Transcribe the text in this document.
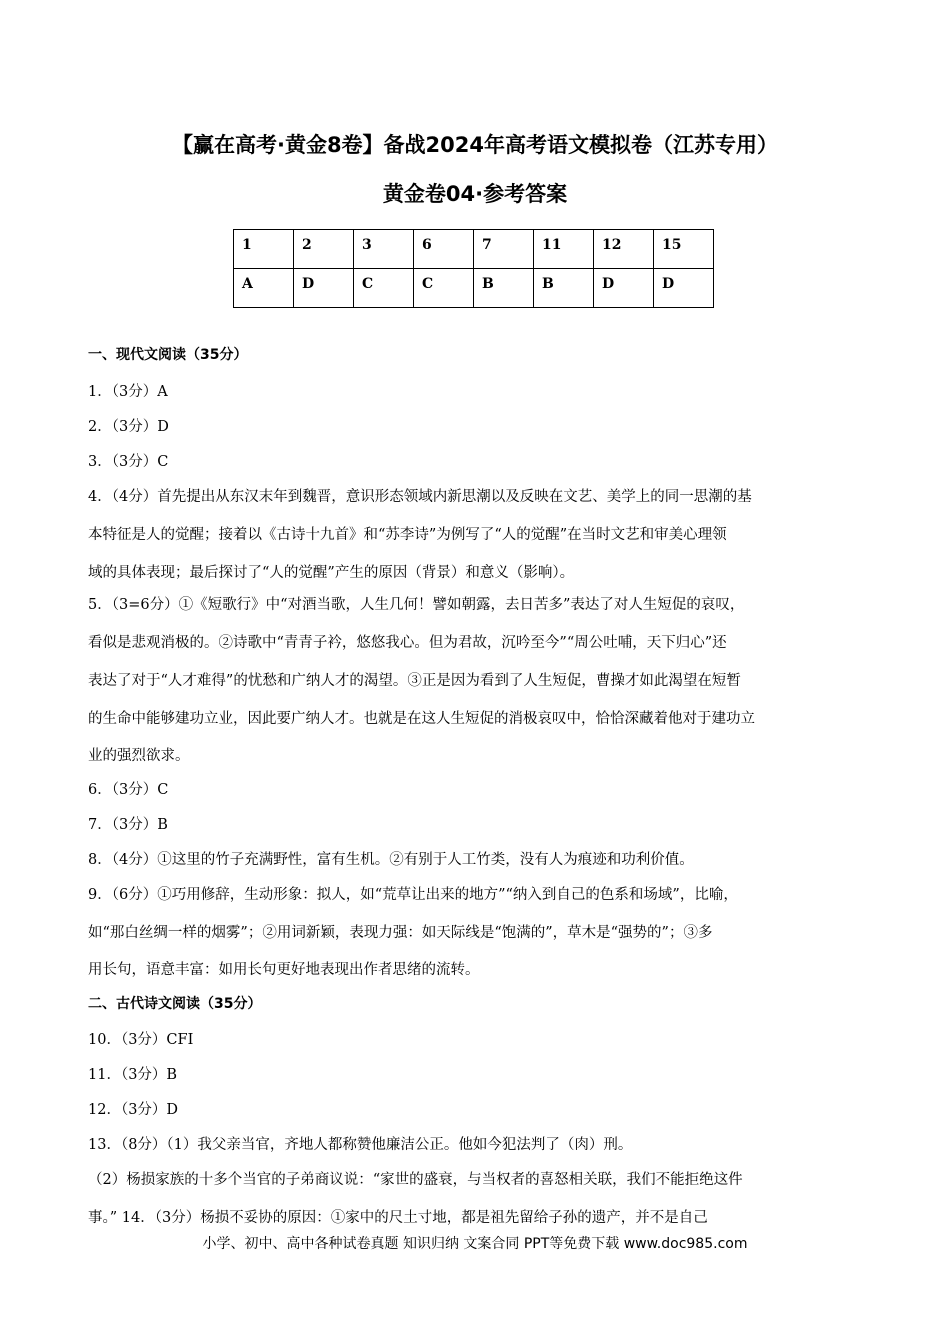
【赢在高考·黄金8卷】备战2024年高考语文模拟卷（江苏专用）
黄金卷04·参考答案
1	2	3	6	7	11	12	15
A	D	C	C	B	B	D	D
一、现代文阅读（35分）
1．（3分）A
2．（3分）D
3．（3分）C
4．（4分）首先提出从东汉末年到魏晋，意识形态领域内新思潮以及反映在文艺、美学上的同一思潮的基
本特征是人的觉醒；接着以《古诗十九首》和“苏李诗”为例写了“人的觉醒”在当时文艺和审美心理领
域的具体表现；最后探讨了“人的觉醒”产生的原因（背景）和意义（影响）。
5．（3=6分）①《短歌行》中“对酒当歌，人生几何！譬如朝露，去日苦多”表达了对人生短促的哀叹，
看似是悲观消极的。②诗歌中“青青子衿，悠悠我心。但为君故，沉吟至今”“周公吐哺，天下归心”还
表达了对于“人才难得”的忧愁和广纳人才的渴望。③正是因为看到了人生短促，曹操才如此渴望在短暂
的生命中能够建功立业，因此要广纳人才。也就是在这人生短促的消极哀叹中，恰恰深藏着他对于建功立
业的强烈欲求。
6．（3分）C
7．（3分）B
8．（4分）①这里的竹子充满野性，富有生机。②有别于人工竹类，没有人为痕迹和功利价值。
9．（6分）①巧用修辞，生动形象：拟人，如“荒草让出来的地方”“纳入到自己的色系和场域”，比喻，
如“那白丝绸一样的烟雾”；②用词新颖，表现力强：如天际线是“饱满的”，草木是“强势的”；③多
用长句，语意丰富：如用长句更好地表现出作者思绪的流转。
二、古代诗文阅读（35分）
10．（3分）CFI
11．（3分）B
12．（3分）D
13．（8分）（1）我父亲当官，齐地人都称赞他廉洁公正。他如今犯法判了（肉）刑。
（2）杨损家族的十多个当官的子弟商议说：“家世的盛衰，与当权者的喜怒相关联，我们不能拒绝这件
事。” 14．（3分）杨损不妥协的原因：①家中的尺土寸地，都是祖先留给子孙的遗产，并不是自己
小学、初中、高中各种试卷真题 知识归纳 文案合同 PPT等免费下载 www.doc985.com
